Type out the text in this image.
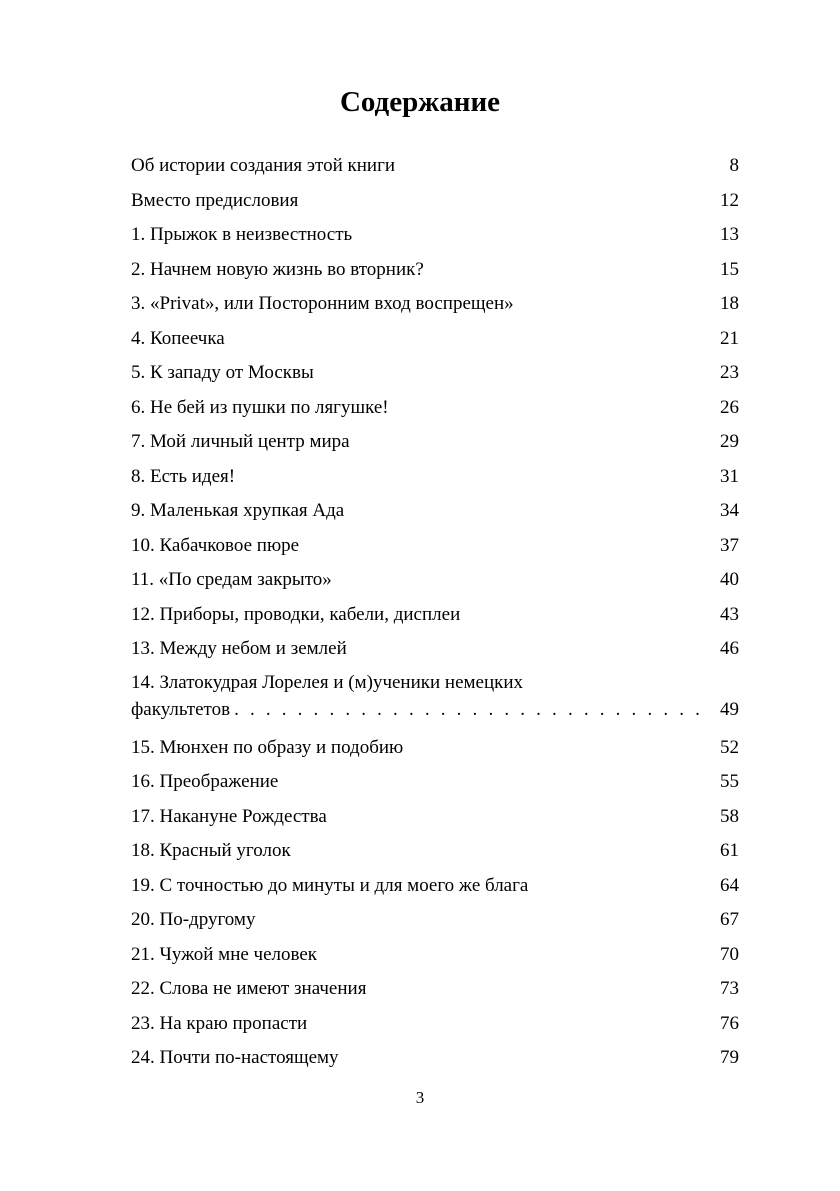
Содержание
Об истории создания этой книги . . .	8
Вместо предисловия . . .	12
1. Прыжок в неизвестность . . .	13
2. Начнем новую жизнь во вторник? . . .	15
3. «Privat», или Посторонним вход воспрещен» . . .	18
4. Копеечка . . .	21
5. К западу от Москвы . . .	23
6. Не бей из пушки по лягушке! . . .	26
7. Мой личный центр мира . . .	29
8. Есть идея! . . .	31
9. Маленькая хрупкая Ада . . .	34
10. Кабачковое пюре . . .	37
11. «По средам закрыто» . . .	40
12. Приборы, проводки, кабели, дисплеи . . .	43
13. Между небом и землей . . .	46
14. Златокудрая Лорелея и (м)ученики немецких
факультетов . . .	49
15. Мюнхен по образу и подобию . . .	52
16. Преображение . . .	55
17. Накануне Рождества . . .	58
18. Красный уголок . . .	61
19. С точностью до минуты и для моего же блага . . .	64
20. По-другому . . .	67
21. Чужой мне человек . . .	70
22. Слова не имеют значения . . .	73
23. На краю пропасти . . .	76
24. Почти по-настоящему . . .	79
3
